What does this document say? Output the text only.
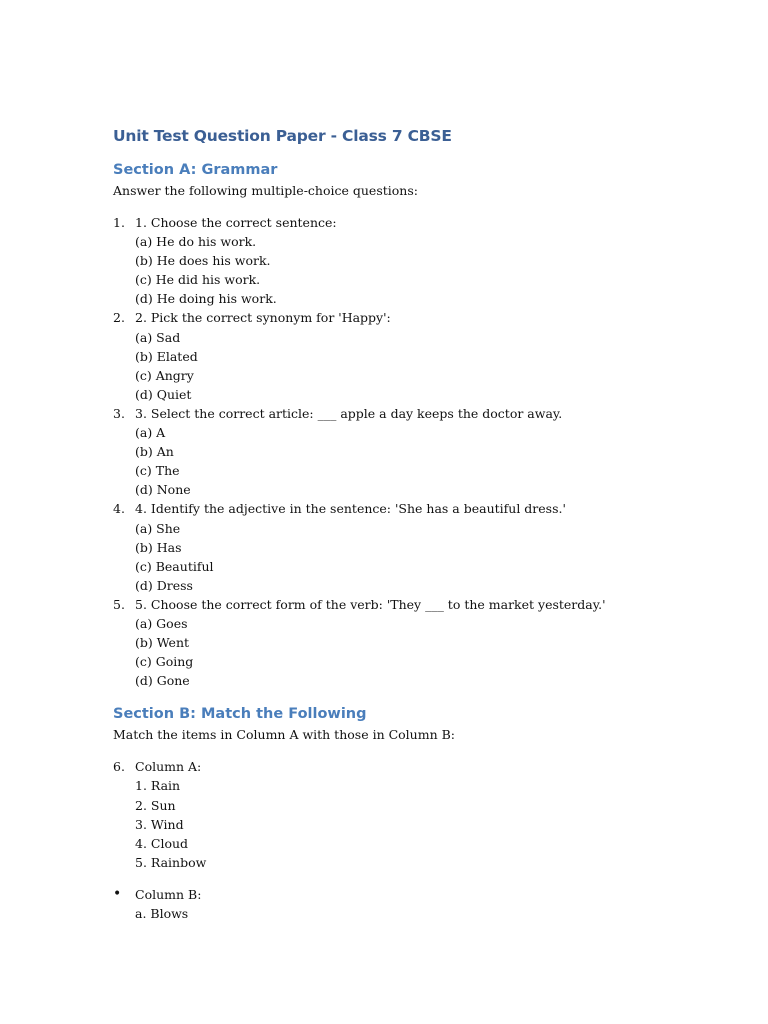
Unit Test Question Paper - Class 7 CBSE
Section A: Grammar

Answer the following multiple-choice questions:

1. 1. Choose the correct sentence:
(a) He do his work.
(b) He does his work.
(c) He did his work.
(d) He doing his work.
2. 2. Pick the correct synonym for 'Happy':
(a) Sad
(b) Elated
(c) Angry
(d) Quiet
3. 3. Select the correct article: ___ apple a day keeps the doctor away.
(a) A
(b) An
(c) The
(d) None
4. 4. Identify the adjective in the sentence: 'She has a beautiful dress.'
(a) She
(b) Has
(c) Beautiful
(d) Dress
5. 5. Choose the correct form of the verb: 'They ___ to the market yesterday.'
(a) Goes
(b) Went
(c) Going
(d) Gone
Section B: Match the Following

Match the items in Column A with those in Column B:

6. Column A:
1. Rain
2. Sun
3. Wind
4. Cloud
5. Rainbow
•	Column B:
a. Blows
